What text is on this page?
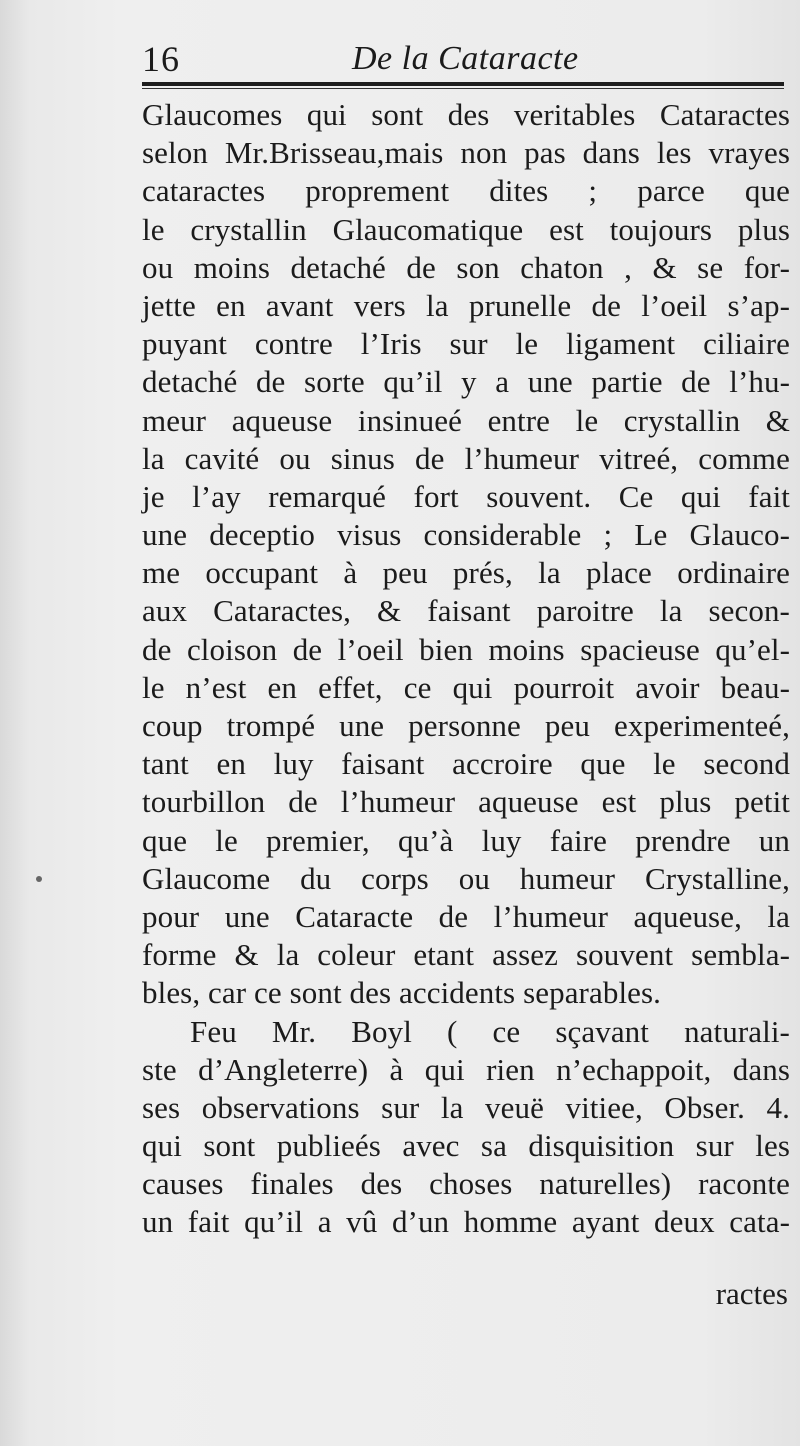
16	De la Cataracte
Glaucomes qui sont des veritables Cataractes
selon Mr.Brisseau,mais non pas dans les vrayes
cataractes proprement dites ; parce que
le crystallin Glaucomatique est toujours plus
ou moins detaché de son chaton , & se for-
jette en avant vers la prunelle de l’oeil s’ap-
puyant contre l’Iris sur le ligament ciliaire
detaché de sorte qu’il y a une partie de l’hu-
meur aqueuse insinueé entre le crystallin &
la cavité ou sinus de l’humeur vitreé, comme
je l’ay remarqué fort souvent. Ce qui fait
une deceptio visus considerable ; Le Glauco-
me occupant à peu prés, la place ordinaire
aux Cataractes, & faisant paroitre la secon-
de cloison de l’oeil bien moins spacieuse qu’el-
le n’est en effet, ce qui pourroit avoir beau-
coup trompé une personne peu experimenteé,
tant en luy faisant accroire que le second
tourbillon de l’humeur aqueuse est plus petit
que le premier, qu’à luy faire prendre un
Glaucome du corps ou humeur Crystalline,
pour une Cataracte de l’humeur aqueuse, la
forme & la coleur etant assez souvent sembla-
bles, car ce sont des accidents separables.
Feu Mr. Boyl ( ce sçavant naturali-
ste d’Angleterre) à qui rien n’echappoit, dans
ses observations sur la veuë vitiee, Obser. 4.
qui sont publieés avec sa disquisition sur les
causes finales des choses naturelles) raconte
un fait qu’il a vû d’un homme ayant deux cata-
ractes
